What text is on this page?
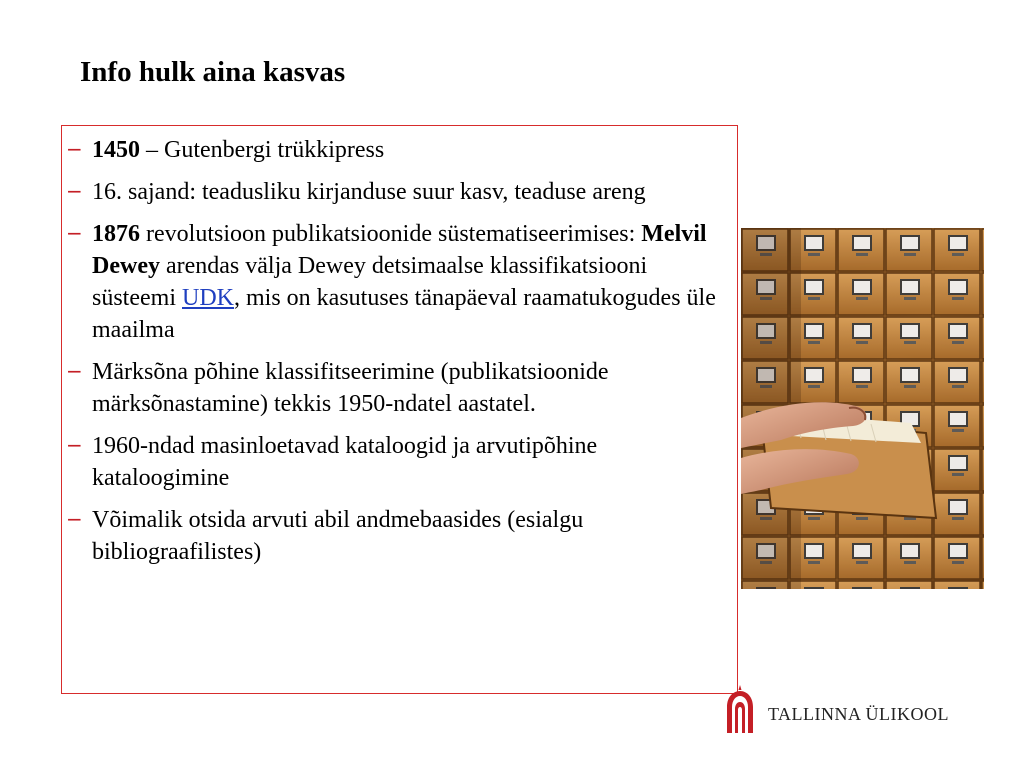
Info hulk aina kasvas
− 1450 – Gutenbergi trükkipress
− 16. sajand: teadusliku kirjanduse suur kasv, teaduse areng
− 1876 revolutsioon publikatsioonide süstematiseerimises: Melvil Dewey arendas välja Dewey detsimaalse klassifikatsiooni süsteemi UDK, mis on kasutuses tänapäeval raamatukogudes üle maailma
− Märksõna põhine klassifitseerimine (publikatsioonide märksõnastamine) tekkis 1950-ndatel aastatel.
− 1960-ndad masinloetavad kataloogid ja arvutipõhine kataloogimine
− Võimalik otsida arvuti abil andmebaasides (esialgu bibliograafilistes)
TALLINNA ÜLIKOOL
